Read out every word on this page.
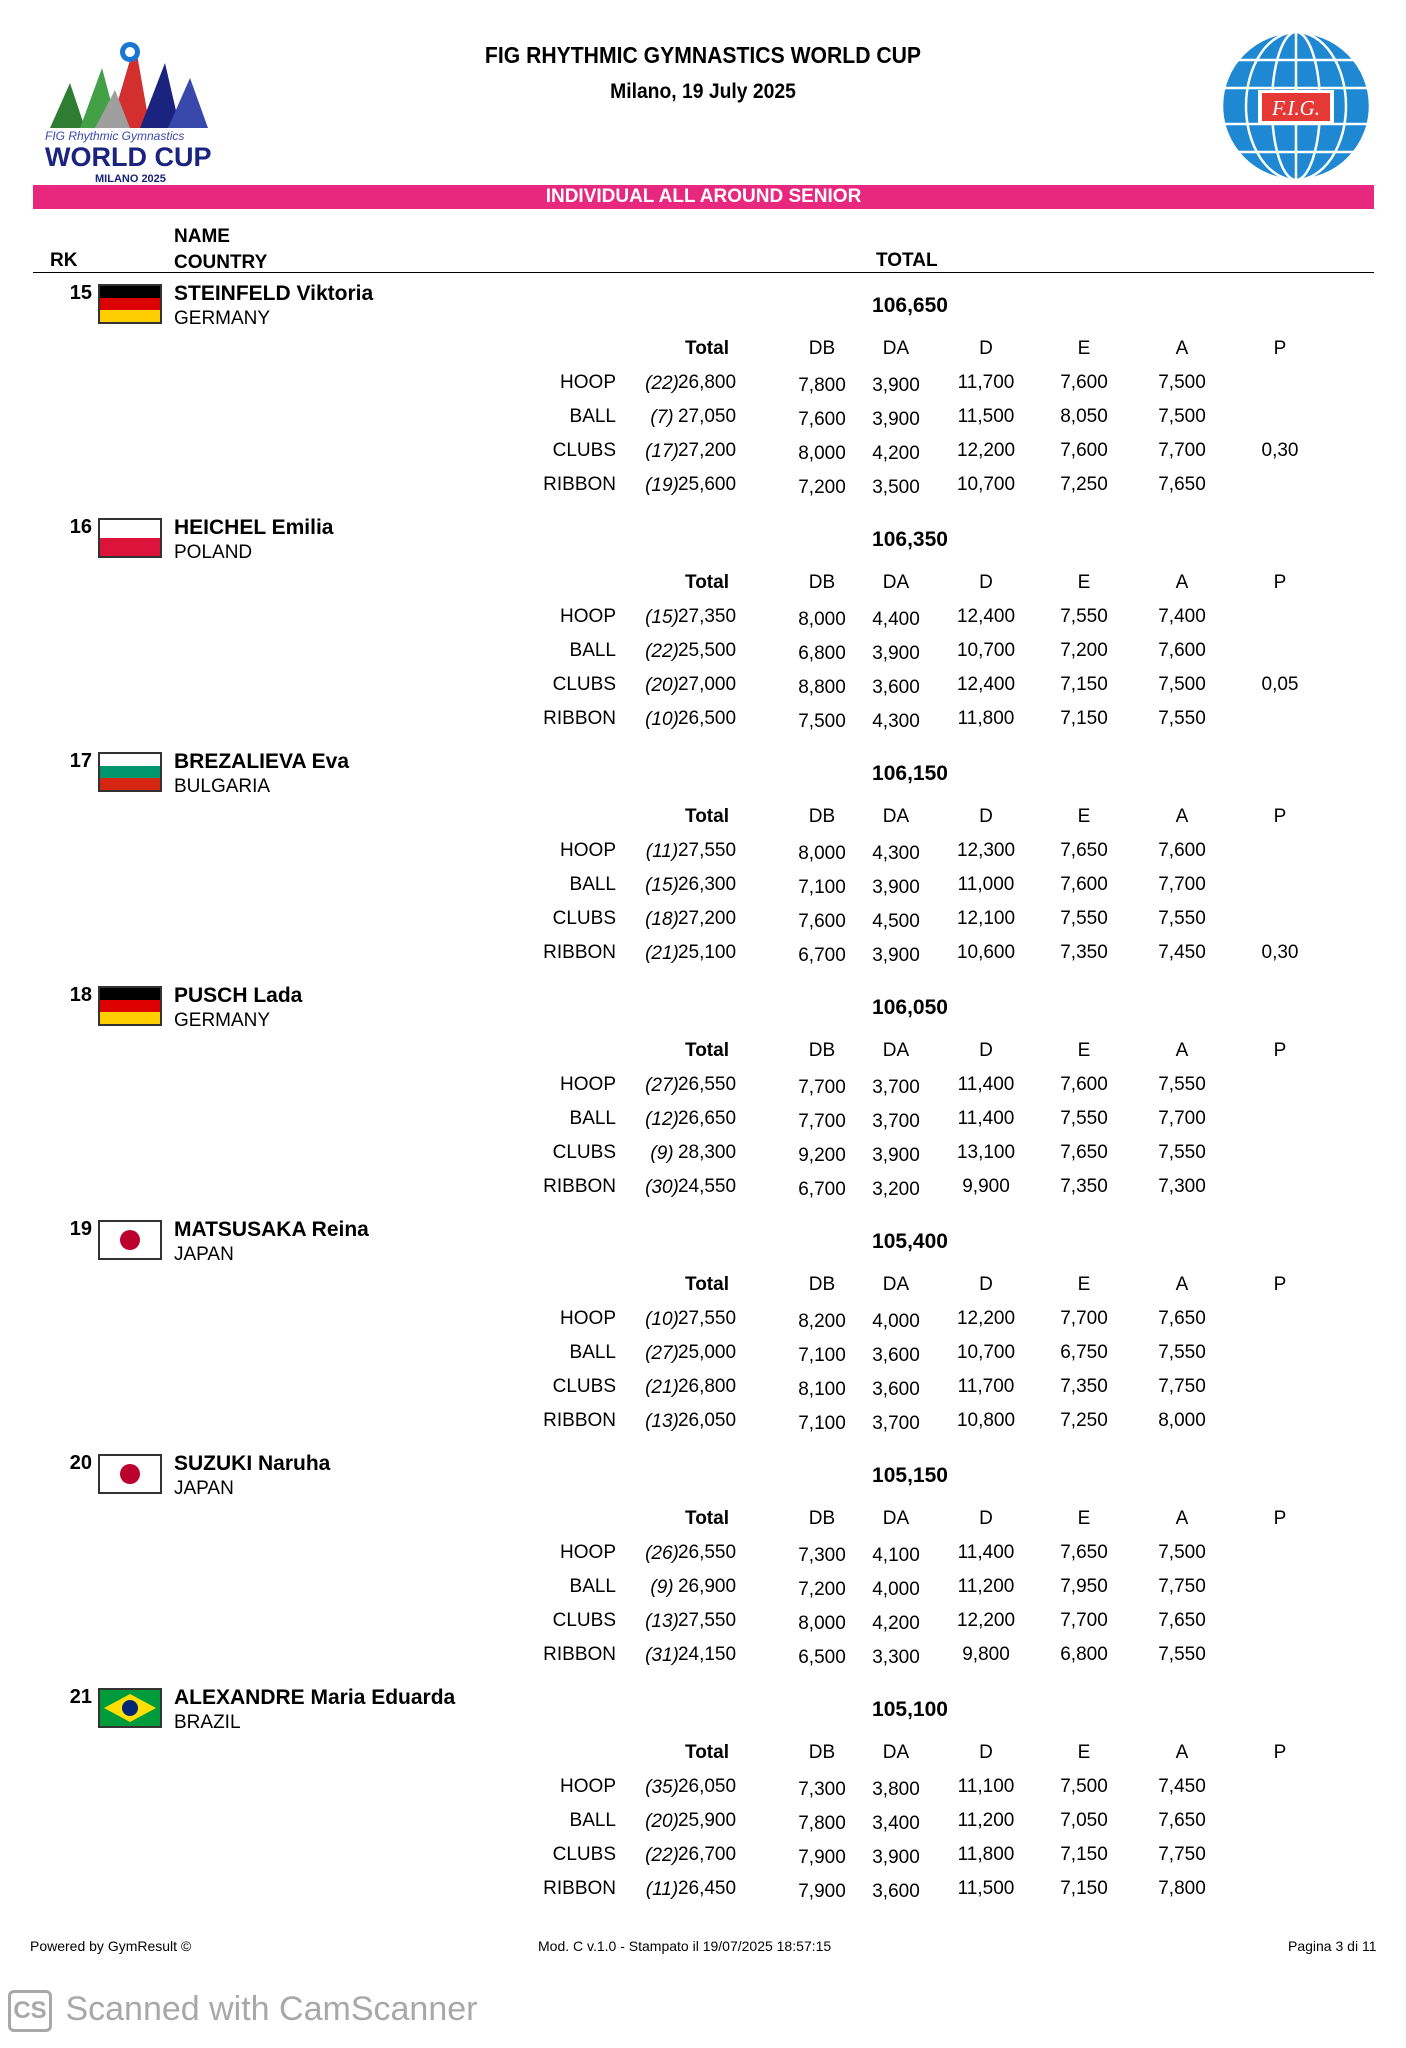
FIG Rhythmic Gymnastics
WORLD CUP
MILANO 2025
FIG RHYTHMIC GYMNASTICS WORLD CUP
Milano, 19 July 2025
F.I.G.
INDIVIDUAL ALL AROUND SENIOR
RK
NAME
COUNTRY	TOTAL
15	STEINFELD Viktoria
GERMANY
106,650
Total	DB	DA	D	E	A	P
HOOP (22) 26,800	7,800	3,900	11,700	7,600	7,500
BALL	(7) 27,050	7,600	3,900	11,500	8,050	7,500
CLUBS (17) 27,200	8,000	4,200	12,200	7,600	7,700	0,30
RIBBON (19) 25,600	7,200	3,500	10,700	7,250	7,650
16	HEICHEL Emilia
POLAND
106,350
Total	DB	DA	D	E	A	P
HOOP (15) 27,350	8,000	4,400	12,400	7,550	7,400
BALL (22) 25,500	6,800	3,900	10,700	7,200	7,600
CLUBS (20) 27,000	8,800	3,600	12,400	7,150	7,500	0,05
RIBBON (10) 26,500	7,500	4,300	11,800	7,150	7,550
17	BREZALIEVA Eva
BULGARIA
106,150
Total	DB	DA	D	E	A	P
HOOP	(11) 27,550	8,000	4,300	12,300	7,650	7,600
BALL (15) 26,300	7,100	3,900	11,000	7,600	7,700
CLUBS (18) 27,200	7,600	4,500	12,100	7,550	7,550
RIBBON (21) 25,100	6,700	3,900	10,600	7,350	7,450	0,30
18	PUSCH Lada
GERMANY
106,050
Total	DB	DA	D	E	A	P
HOOP (27) 26,550	7,700	3,700	11,400	7,600	7,550
BALL (12) 26,650	7,700	3,700	11,400	7,550	7,700
CLUBS	(9) 28,300	9,200	3,900	13,100	7,650	7,550
RIBBON (30) 24,550	6,700	3,200	9,900	7,350	7,300
19	MATSUSAKA Reina
JAPAN
105,400
Total	DB	DA	D	E	A	P
HOOP (10) 27,550	8,200	4,000	12,200	7,700	7,650
BALL (27) 25,000	7,100	3,600	10,700	6,750	7,550
CLUBS (21) 26,800	8,100	3,600	11,700	7,350	7,750
RIBBON (13) 26,050	7,100	3,700	10,800	7,250	8,000
20	SUZUKI Naruha
JAPAN
105,150
Total	DB	DA	D	E	A	P
HOOP (26) 26,550	7,300	4,100	11,400	7,650	7,500
BALL	(9) 26,900	7,200	4,000	11,200	7,950	7,750
CLUBS (13) 27,550	8,000	4,200	12,200	7,700	7,650
RIBBON (31) 24,150	6,500	3,300	9,800	6,800	7,550
21	ALEXANDRE Maria Eduarda
BRAZIL
105,100
Total	DB	DA	D	E	A	P
HOOP (35) 26,050	7,300	3,800	11,100	7,500	7,450
BALL (20) 25,900	7,800	3,400	11,200	7,050	7,650
CLUBS (22) 26,700	7,900	3,900	11,800	7,150	7,750
RIBBON	(11) 26,450	7,900	3,600	11,500	7,150	7,800
Powered by GymResult ©	Mod. C v.1.0 - Stampato il 19/07/2025 18:57:15	Pagina 3 di 11
CS Scanned with CamScanner
